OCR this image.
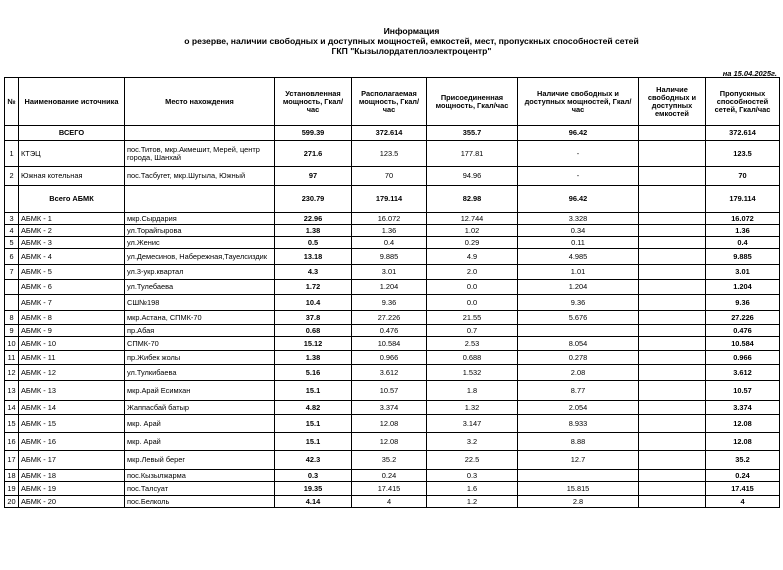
Информация
о резерве, наличии свободных и доступных мощностей, емкостей, мест, пропускных способностей сетей
ГКП "Кызылордатеплоэлектроцентр"
на 15.04.2025г.
№	Наименование источника	Место нахождения	Установленная мощность, Гкал/час	Располагаемая мощность, Гкал/час	Присоединенная мощность, Гкал/час	Наличие свободных и доступных мощностей, Гкал/час	Наличие свободных и доступных емкостей	Пропускных способностей сетей, Гкал/час
	ВСЕГО		599.39	372.614	355.7	96.42		372.614
1	КТЭЦ	пос.Титов, мкр.Акмешит, Мерей, центр города, Шанхай	271.6	123.5	177.81	-		123.5
2	Южная котельная	пос.Тасбугет, мкр.Шугыла, Южный	97	70	94.96	-		70
	Всего АБМК		230.79	179.114	82.98	96.42		179.114
3	АБМК - 1	мкр.Сырдария	22.96	16.072	12.744	3.328		16.072
4	АБМК - 2	ул.Торайгырова	1.38	1.36	1.02	0.34		1.36
5	АБМК - 3	ул.Женис	0.5	0.4	0.29	0.11		0.4
6	АБМК - 4	ул.Демесинов, Набережная,Тауелсиздик	13.18	9.885	4.9	4.985		9.885
7	АБМК - 5	ул.3-укр.квартал	4.3	3.01	2.0	1.01		3.01
	АБМК - 6	ул.Тулебаева	1.72	1.204	0.0	1.204		1.204
	АБМК - 7	СШ№198	10.4	9.36	0.0	9.36		9.36
8	АБМК - 8	мкр.Астана, СПМК-70	37.8	27.226	21.55	5.676		27.226
9	АБМК - 9	пр.Абая	0.68	0.476	0.7			0.476
10	АБМК - 10	СПМК-70	15.12	10.584	2.53	8.054		10.584
11	АБМК - 11	пр.Жибек жолы	1.38	0.966	0.688	0.278		0.966
12	АБМК - 12	ул.Тулкибаева	5.16	3.612	1.532	2.08		3.612
13	АБМК - 13	мкр.Арай Есимхан	15.1	10.57	1.8	8.77		10.57
14	АБМК - 14	Жаппасбай батыр	4.82	3.374	1.32	2.054		3.374
15	АБМК - 15	мкр. Арай	15.1	12.08	3.147	8.933		12.08
16	АБМК - 16	мкр. Арай	15.1	12.08	3.2	8.88		12.08
17	АБМК - 17	мкр.Левый берег	42.3	35.2	22.5	12.7		35.2
18	АБМК - 18	пос.Кызылжарма	0.3	0.24	0.3			0.24
19	АБМК - 19	пос.Талсуат	19.35	17.415	1.6	15.815		17.415
20	АБМК - 20	пос.Белколь	4.14	4	1.2	2.8		4
